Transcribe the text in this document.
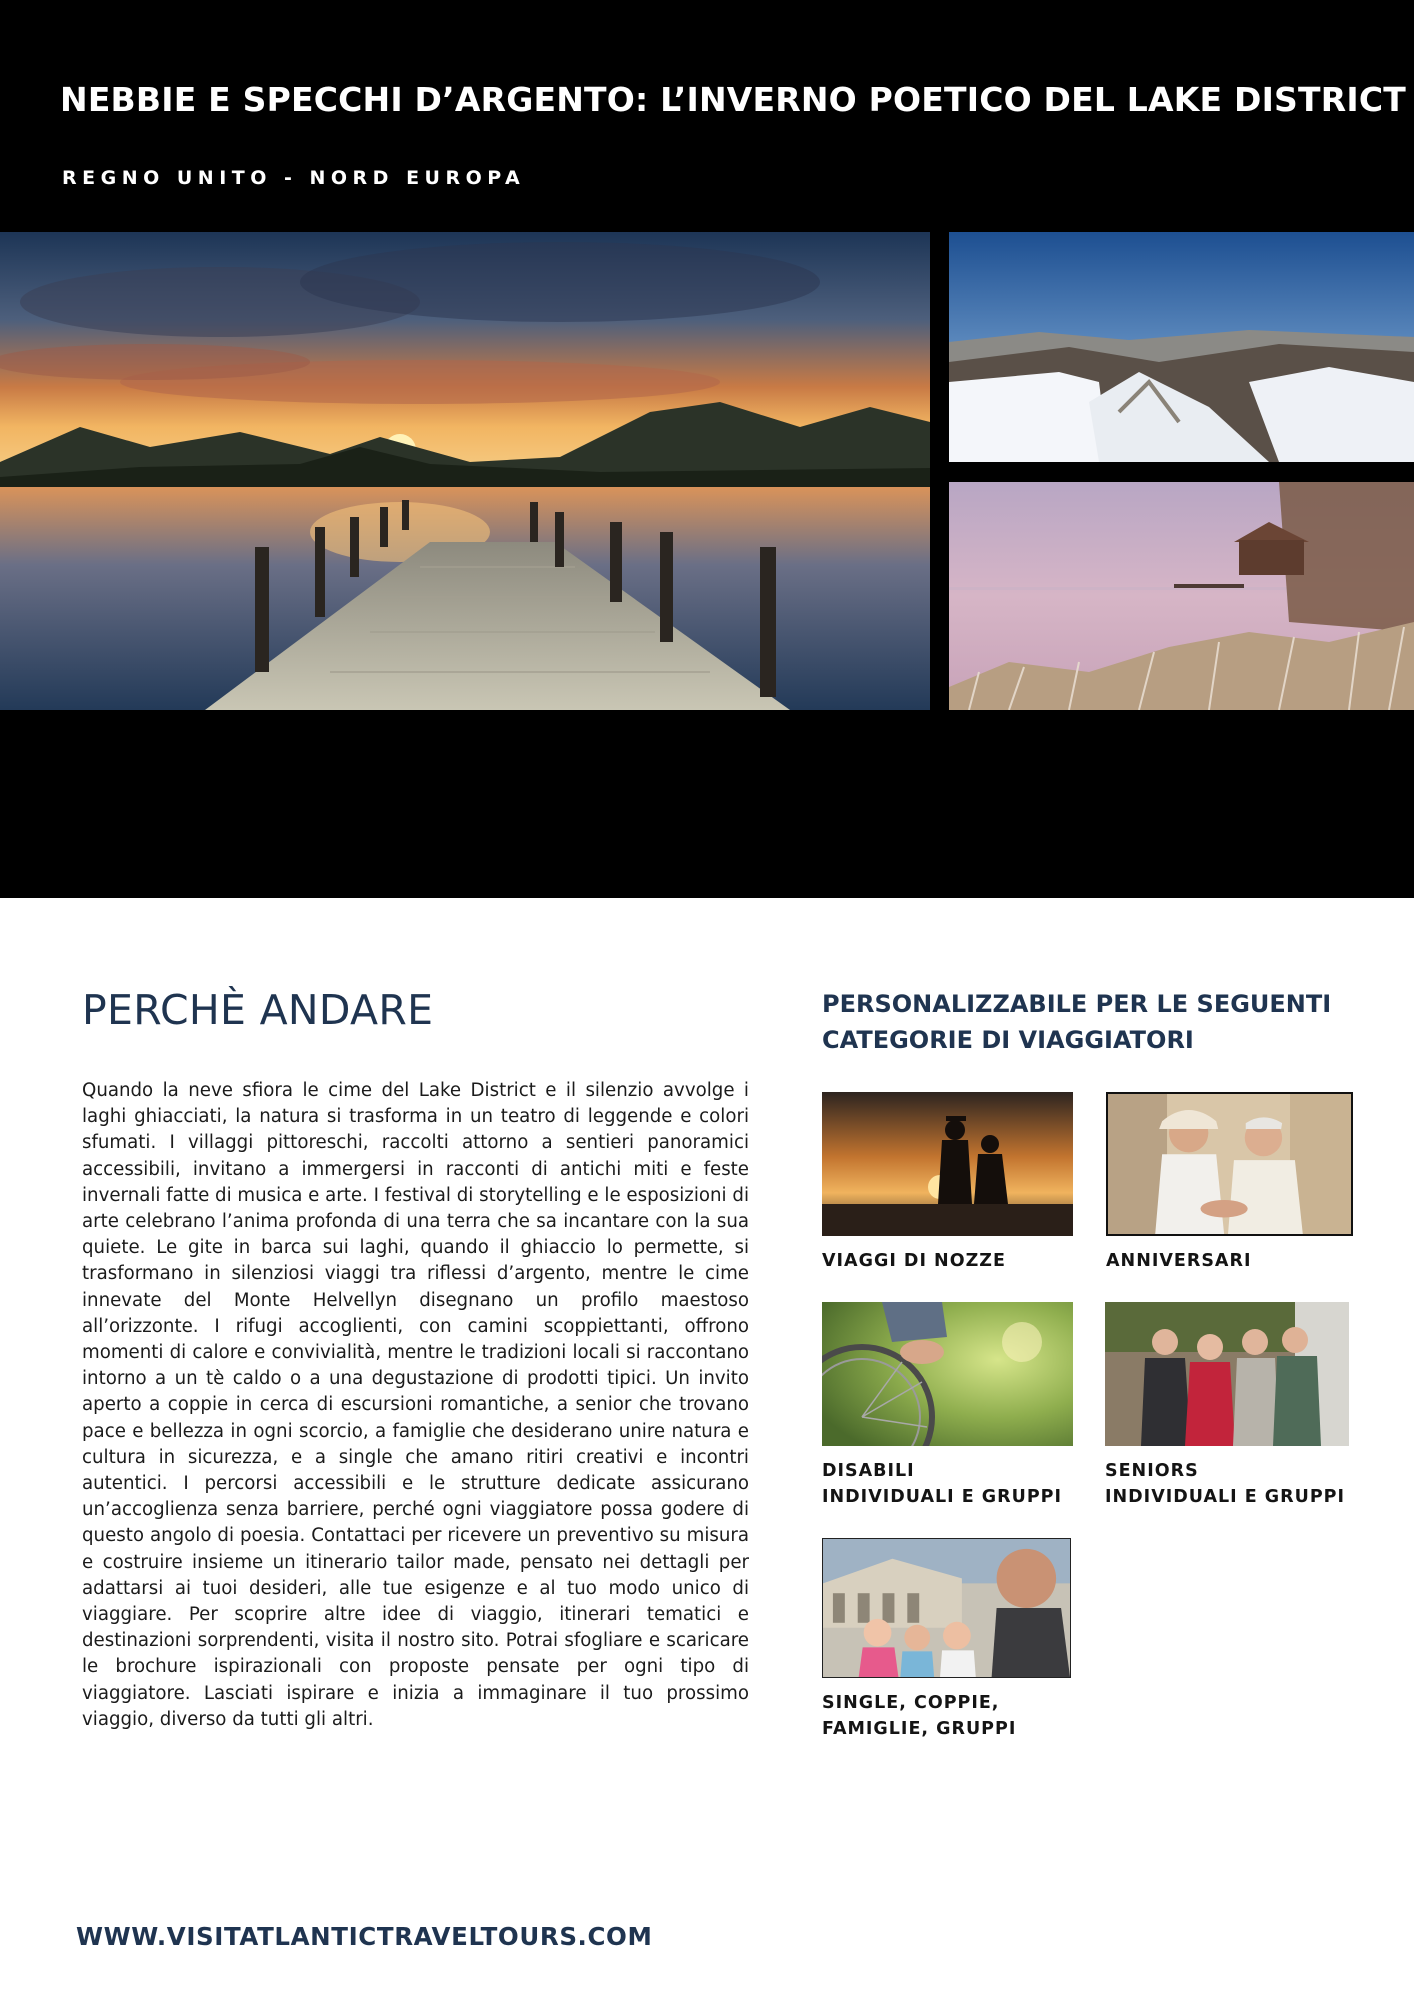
NEBBIE E SPECCHI D’ARGENTO: L’INVERNO POETICO DEL LAKE DISTRICT
REGNO UNITO - NORD EUROPA
PERCHÈ ANDARE

Quando la neve sfiora le cime del Lake District e il silenzio avvolge i laghi ghiacciati, la natura si trasforma in un teatro di leggende e colori sfumati. I villaggi pittoreschi, raccolti attorno a sentieri panoramici accessibili, invitano a immergersi in racconti di antichi miti e feste invernali fatte di musica e arte. I festival di storytelling e le esposizioni di arte celebrano l’anima profonda di una terra che sa incantare con la sua quiete. Le gite in barca sui laghi, quando il ghiaccio lo permette, si trasformano in silenziosi viaggi tra riflessi d’argento, mentre le cime innevate del Monte Helvellyn disegnano un profilo maestoso all’orizzonte. I rifugi accoglienti, con camini scoppiettanti, offrono momenti di calore e convivialità, mentre le tradizioni locali si raccontano intorno a un tè caldo o a una degustazione di prodotti tipici. Un invito aperto a coppie in cerca di escursioni romantiche, a senior che trovano pace e bellezza in ogni scorcio, a famiglie che desiderano unire natura e cultura in sicurezza, e a single che amano ritiri creativi e incontri autentici. I percorsi accessibili e le strutture dedicate assicurano un’accoglienza senza barriere, perché ogni viaggiatore possa godere di questo angolo di poesia. Contattaci per ricevere un preventivo su misura e costruire insieme un itinerario tailor made, pensato nei dettagli per adattarsi ai tuoi desideri, alle tue esigenze e al tuo modo unico di viaggiare. Per scoprire altre idee di viaggio, itinerari tematici e destinazioni sorprendenti, visita il nostro sito. Potrai sfogliare e scaricare le brochure ispirazionali con proposte pensate per ogni tipo di viaggiatore. Lasciati ispirare e inizia a immaginare il tuo prossimo viaggio, diverso da tutti gli altri.

PERSONALIZZABILE PER LE SEGUENTI CATEGORIE DI VIAGGIATORI
VIAGGI DI NOZZE	ANNIVERSARI
DISABILI
INDIVIDUALI E GRUPPI
SENIORS
INDIVIDUALI E GRUPPI
SINGLE, COPPIE,
FAMIGLIE, GRUPPI
WWW.VISITATLANTICTRAVELTOURS.COM
